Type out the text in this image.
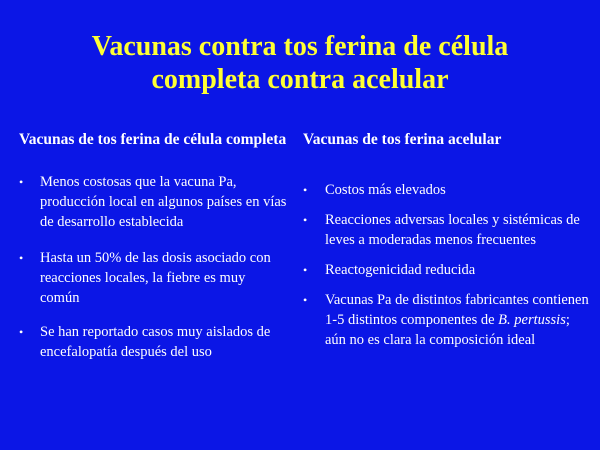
Vacunas contra tos ferina de célula
completa contra acelular

Vacunas de tos ferina de célula completa

•	Menos costosas que la vacuna Pa, producción local en algunos países en vías de desarrollo establecida
•	Hasta un 50% de las dosis asociado con reacciones locales, la fiebre es muy común
•	Se han reportado casos muy aislados de encefalopatía después del uso

Vacunas de tos ferina acelular

•	Costos más elevados
•	Reacciones adversas locales y sistémicas de leves a moderadas menos frecuentes
•	Reactogenicidad reducida
•	Vacunas Pa de distintos fabricantes contienen 1-5 distintos componentes de B. pertussis; aún no es clara la composición ideal
